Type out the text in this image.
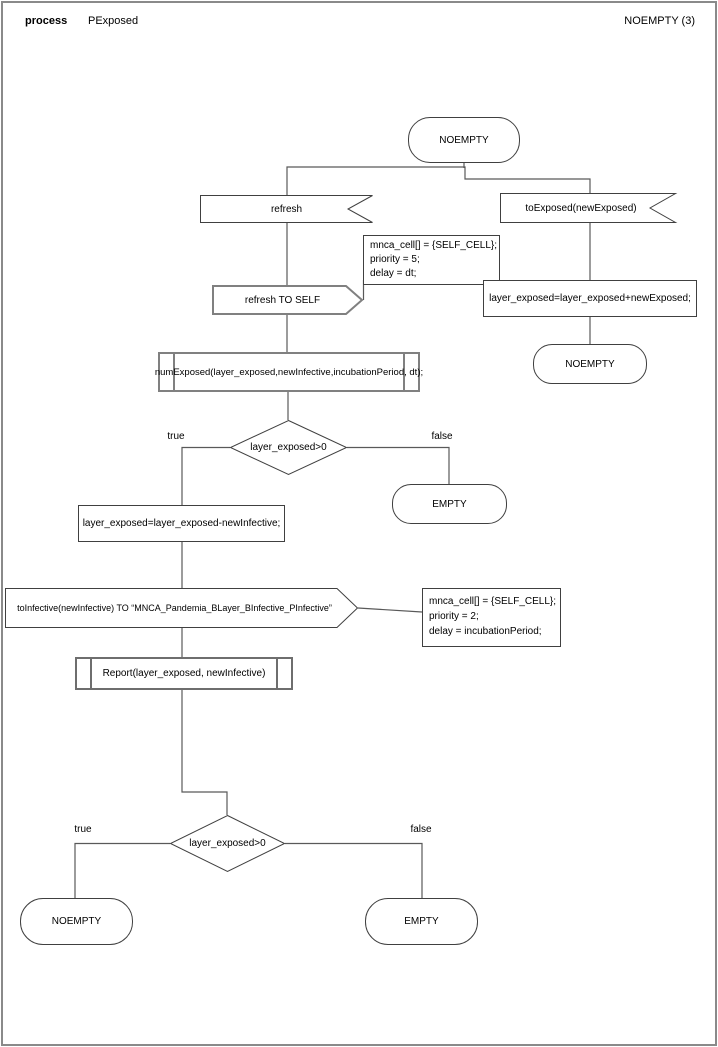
process PExposed	NOEMPTY (3)
NOEMPTY
refresh	toExposed(newExposed)
refresh TO SELF
mnca_cell[] = {SELF_CELL};
priority = 5;
delay = dt;
layer_exposed=layer_exposed+newExposed;
NOEMPTY
numExposed(layer_exposed,newInfective,incubationPeriod, dt);
layer_exposed>0
true	false
EMPTY
layer_exposed=layer_exposed-newInfective;
toInfective(newInfective) TO “MNCA_Pandemia_BLayer_BInfective_PInfective”
mnca_cell[] = {SELF_CELL};
priority = 2;
delay = incubationPeriod;
Report(layer_exposed, newInfective)
layer_exposed>0
true	false
NOEMPTY	EMPTY
